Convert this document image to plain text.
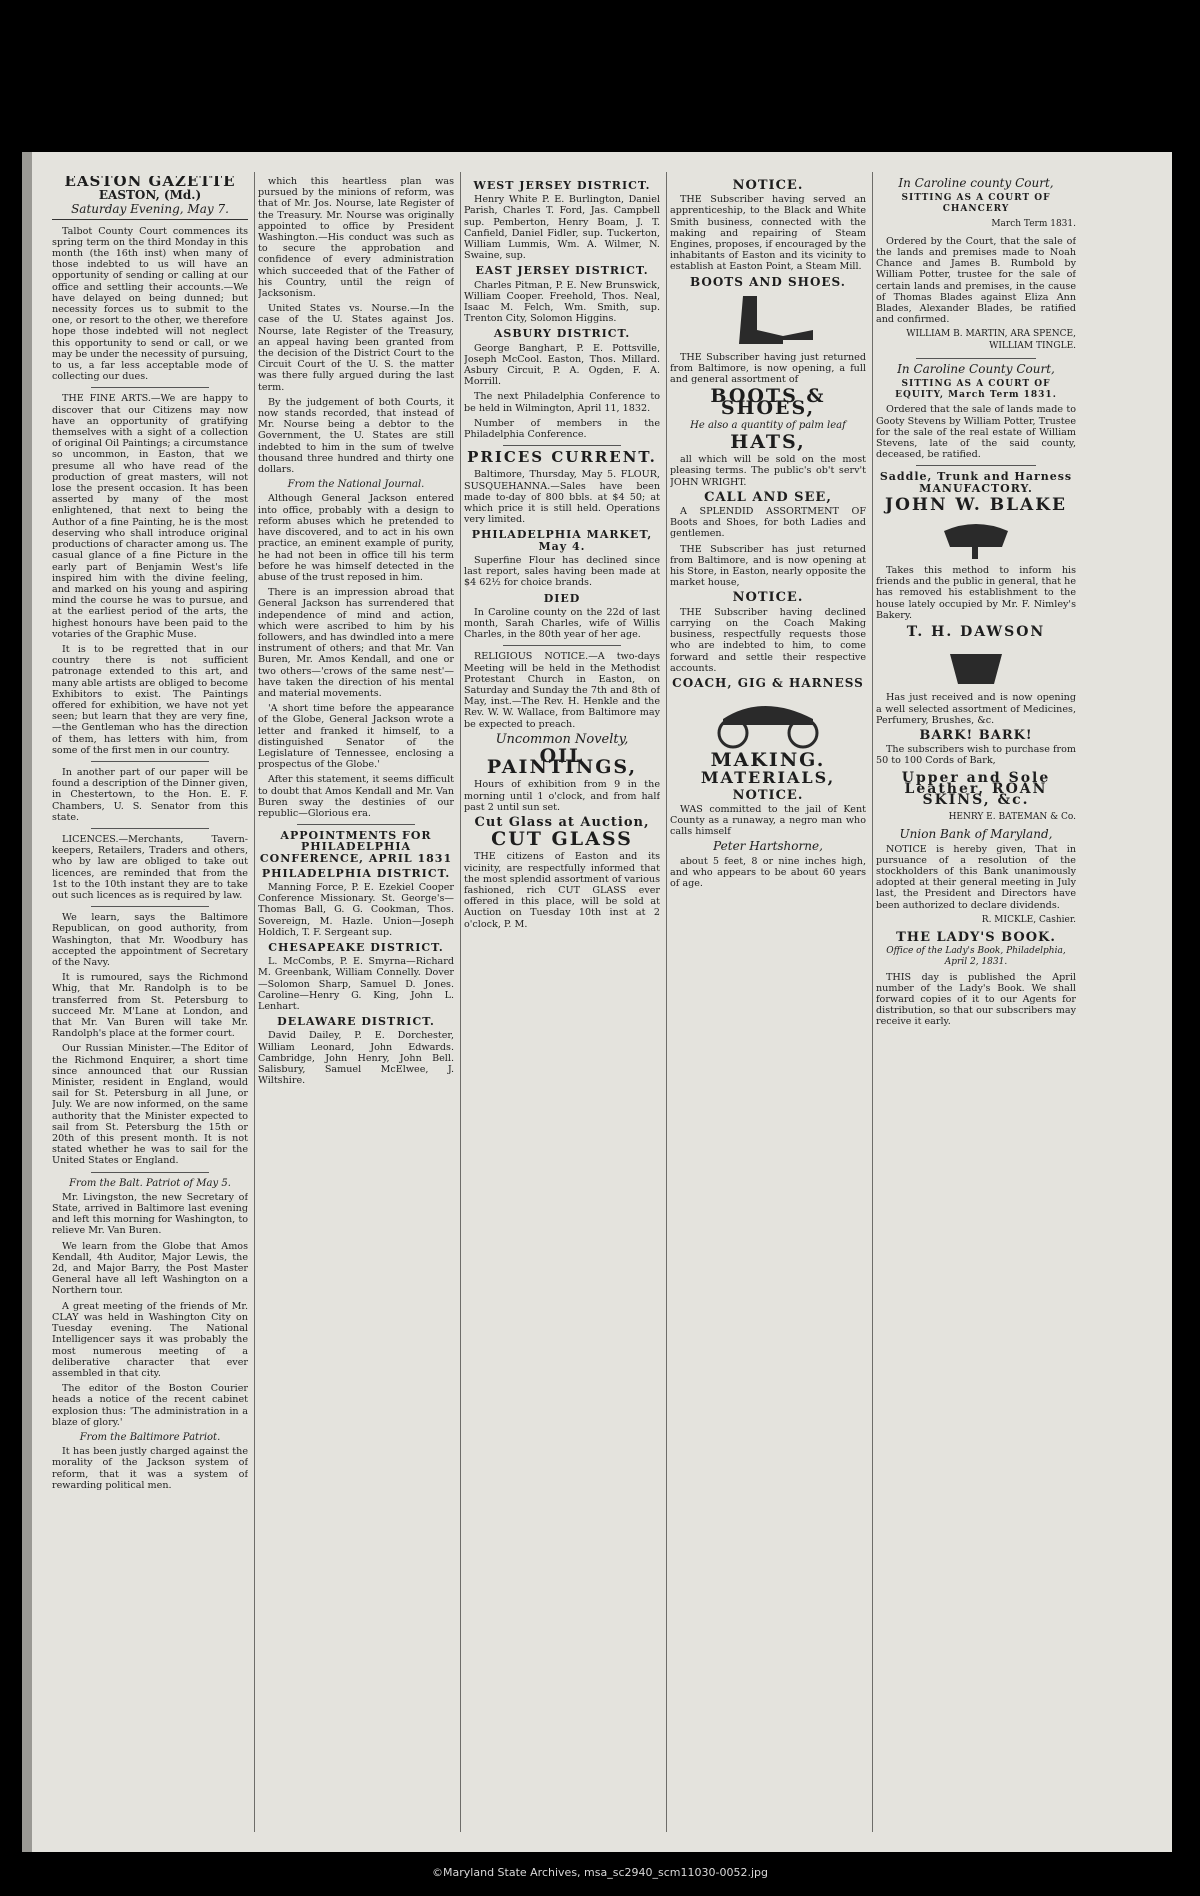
EASTON GAZETTE
EASTON, (Md.)
Saturday Evening, May 7.

Talbot County Court commences its spring term on the third Monday in this month (the 16th inst) when many of those indebted to us will have an opportunity of sending or calling at our office and settling their accounts.—We have delayed on being dunned; but necessity forces us to submit to the one, or resort to the other, we therefore hope those indebted will not neglect this opportunity to send or call, or we may be under the necessity of pursuing, to us, a far less acceptable mode of collecting our dues.

THE FINE ARTS.—We are happy to discover that our Citizens may now have an opportunity of gratifying themselves with a sight of a collection of original Oil Paintings; a circumstance so uncommon, in Easton, that we presume all who have read of the production of great masters, will not lose the present occasion. It has been asserted by many of the most enlightened, that next to being the Author of a fine Painting, he is the most deserving who shall introduce original productions of character among us. The casual glance of a fine Picture in the early part of Benjamin West's life inspired him with the divine feeling, and marked on his young and aspiring mind the course he was to pursue, and at the earliest period of the arts, the highest honours have been paid to the votaries of the Graphic Muse.

It is to be regretted that in our country there is not sufficient patronage extended to this art, and many able artists are obliged to become Exhibitors to exist. The Paintings offered for exhibition, we have not yet seen; but learn that they are very fine,—the Gentleman who has the direction of them, has letters with him, from some of the first men in our country.

In another part of our paper will be found a description of the Dinner given, in Chestertown, to the Hon. E. F. Chambers, U. S. Senator from this state.

LICENCES.—Merchants, Tavern-keepers, Retailers, Traders and others, who by law are obliged to take out licences, are reminded that from the 1st to the 10th instant they are to take out such licences as is required by law.

We learn, says the Baltimore Republican, on good authority, from Washington, that Mr. Woodbury has accepted the appointment of Secretary of the Navy.

It is rumoured, says the Richmond Whig, that Mr. Randolph is to be transferred from St. Petersburg to succeed Mr. M'Lane at London, and that Mr. Van Buren will take Mr. Randolph's place at the former court.

Our Russian Minister.—The Editor of the Richmond Enquirer, a short time since announced that our Russian Minister, resident in England, would sail for St. Petersburg in all June, or July. We are now informed, on the same authority that the Minister expected to sail from St. Petersburg the 15th or 20th of this present month. It is not stated whether he was to sail for the United States or England.

From the Balt. Patriot of May 5.

Mr. Livingston, the new Secretary of State, arrived in Baltimore last evening and left this morning for Washington, to relieve Mr. Van Buren.

We learn from the Globe that Amos Kendall, 4th Auditor, Major Lewis, the 2d, and Major Barry, the Post Master General have all left Washington on a Northern tour.

A great meeting of the friends of Mr. CLAY was held in Washington City on Tuesday evening. The National Intelligencer says it was probably the most numerous meeting of a deliberative character that ever assembled in that city.

The editor of the Boston Courier heads a notice of the recent cabinet explosion thus: 'The administration in a blaze of glory.'

From the Baltimore Patriot.

It has been justly charged against the morality of the Jackson system of reform, that it was a system of rewarding political men.

which this heartless plan was pursued by the minions of reform, was that of Mr. Jos. Nourse, late Register of the Treasury. Mr. Nourse was originally appointed to office by President Washington.—His conduct was such as to secure the approbation and confidence of every administration which succeeded that of the Father of his Country, until the reign of Jacksonism.

United States vs. Nourse.—In the case of the U. States against Jos. Nourse, late Register of the Treasury, an appeal having been granted from the decision of the District Court to the Circuit Court of the U. S. the matter was there fully argued during the last term.

By the judgement of both Courts, it now stands recorded, that instead of Mr. Nourse being a debtor to the Government, the U. States are still indebted to him in the sum of twelve thousand three hundred and thirty one dollars.

From the National Journal.

Although General Jackson entered into office, probably with a design to reform abuses which he pretended to have discovered, and to act in his own practice, an eminent example of purity, he had not been in office till his term before he was himself detected in the abuse of the trust reposed in him.

There is an impression abroad that General Jackson has surrendered that independence of mind and action, which were ascribed to him by his followers, and has dwindled into a mere instrument of others; and that Mr. Van Buren, Mr. Amos Kendall, and one or two others—'crows of the same nest'—have taken the direction of his mental and material movements.

'A short time before the appearance of the Globe, General Jackson wrote a letter and franked it himself, to a distinguished Senator of the Legislature of Tennessee, enclosing a prospectus of the Globe.'

After this statement, it seems difficult to doubt that Amos Kendall and Mr. Van Buren sway the destinies of our republic—Glorious era.

APPOINTMENTS FOR PHILADELPHIA CONFERENCE, APRIL 1831
PHILADELPHIA DISTRICT.

Manning Force, P. E. Ezekiel Cooper Conference Missionary. St. George's—Thomas Ball, G. G. Cookman, Thos. Sovereign, M. Hazle. Union—Joseph Holdich, T. F. Sergeant sup.

CHESAPEAKE DISTRICT.

L. McCombs, P. E. Smyrna—Richard M. Greenbank, William Connelly. Dover—Solomon Sharp, Samuel D. Jones. Caroline—Henry G. King, John L. Lenhart.

DELAWARE DISTRICT.

David Dailey, P. E. Dorchester, William Leonard, John Edwards. Cambridge, John Henry, John Bell. Salisbury, Samuel McElwee, J. Wiltshire.

WEST JERSEY DISTRICT.

Henry White P. E. Burlington, Daniel Parish, Charles T. Ford, Jas. Campbell sup. Pemberton, Henry Boam, J. T. Canfield, Daniel Fidler, sup. Tuckerton, William Lummis, Wm. A. Wilmer, N. Swaine, sup.

EAST JERSEY DISTRICT.

Charles Pitman, P. E. New Brunswick, William Cooper. Freehold, Thos. Neal, Isaac M. Felch, Wm. Smith, sup. Trenton City, Solomon Higgins.

ASBURY DISTRICT.

George Banghart, P. E. Pottsville, Joseph McCool. Easton, Thos. Millard. Asbury Circuit, P. A. Ogden, F. A. Morrill.

The next Philadelphia Conference to be held in Wilmington, April 11, 1832.

Number of members in the Philadelphia Conference.

PRICES CURRENT.

Baltimore, Thursday, May 5. FLOUR, SUSQUEHANNA.—Sales have been made to-day of 800 bbls. at $4 50; at which price it is still held. Operations very limited.

PHILADELPHIA MARKET, May 4.

Superfine Flour has declined since last report, sales having been made at $4 62½ for choice brands.

DIED

In Caroline county on the 22d of last month, Sarah Charles, wife of Willis Charles, in the 80th year of her age.

RELIGIOUS NOTICE.—A two-days Meeting will be held in the Methodist Protestant Church in Easton, on Saturday and Sunday the 7th and 8th of May, inst.—The Rev. H. Henkle and the Rev. W. W. Wallace, from Baltimore may be expected to preach.

Uncommon Novelty,
OIL PAINTINGS,

Hours of exhibition from 9 in the morning until 1 o'clock, and from half past 2 until sun set.

Cut Glass at Auction,
CUT GLASS

THE citizens of Easton and its vicinity, are respectfully informed that the most splendid assortment of various fashioned, rich CUT GLASS ever offered in this place, will be sold at Auction on Tuesday 10th inst at 2 o'clock, P. M.

NOTICE.

THE Subscriber having served an apprenticeship, to the Black and White Smith business, connected with the making and repairing of Steam Engines, proposes, if encouraged by the inhabitants of Easton and its vicinity to establish at Easton Point, a Steam Mill.

BOOTS AND SHOES.

THE Subscriber having just returned from Baltimore, is now opening, a full and general assortment of

BOOTS & SHOES,
He also a quantity of palm leaf
HATS,

all which will be sold on the most pleasing terms. The public's ob't serv't JOHN WRIGHT.

CALL AND SEE,

A SPLENDID ASSORTMENT OF Boots and Shoes, for both Ladies and gentlemen.

THE Subscriber has just returned from Baltimore, and is now opening at his Store, in Easton, nearly opposite the market house,

NOTICE.

THE Subscriber having declined carrying on the Coach Making business, respectfully requests those who are indebted to him, to come forward and settle their respective accounts.

COACH, GIG & HARNESS
MAKING.
MATERIALS,
NOTICE.

WAS committed to the jail of Kent County as a runaway, a negro man who calls himself

Peter Hartshorne,

about 5 feet, 8 or nine inches high, and who appears to be about 60 years of age.

In Caroline county Court,
SITTING AS A COURT OF CHANCERY
March Term 1831.

Ordered by the Court, that the sale of the lands and premises made to Noah Chance and James B. Rumbold by William Potter, trustee for the sale of certain lands and premises, in the cause of Thomas Blades against Eliza Ann Blades, Alexander Blades, be ratified and confirmed.

WILLIAM B. MARTIN, ARA SPENCE, WILLIAM TINGLE.
In Caroline County Court,
SITTING AS A COURT OF EQUITY, March Term 1831.

Ordered that the sale of lands made to Gooty Stevens by William Potter, Trustee for the sale of the real estate of William Stevens, late of the said county, deceased, be ratified.

Saddle, Trunk and Harness MANUFACTORY.
JOHN W. BLAKE

Takes this method to inform his friends and the public in general, that he has removed his establishment to the house lately occupied by Mr. F. Nimley's Bakery.

T. H. DAWSON

Has just received and is now opening a well selected assortment of Medicines, Perfumery, Brushes, &c.

BARK! BARK!

The subscribers wish to purchase from 50 to 100 Cords of Bark,

Upper and Sole Leather, ROAN SKINS, &c.
HENRY E. BATEMAN & Co.
Union Bank of Maryland,

NOTICE is hereby given, That in pursuance of a resolution of the stockholders of this Bank unanimously adopted at their general meeting in July last, the President and Directors have been authorized to declare dividends.

R. MICKLE, Cashier.
THE LADY'S BOOK.
Office of the Lady's Book, Philadelphia, April 2, 1831.

THIS day is published the April number of the Lady's Book. We shall forward copies of it to our Agents for distribution, so that our subscribers may receive it early.

©Maryland State Archives, msa_sc2940_scm11030-0052.jpg
